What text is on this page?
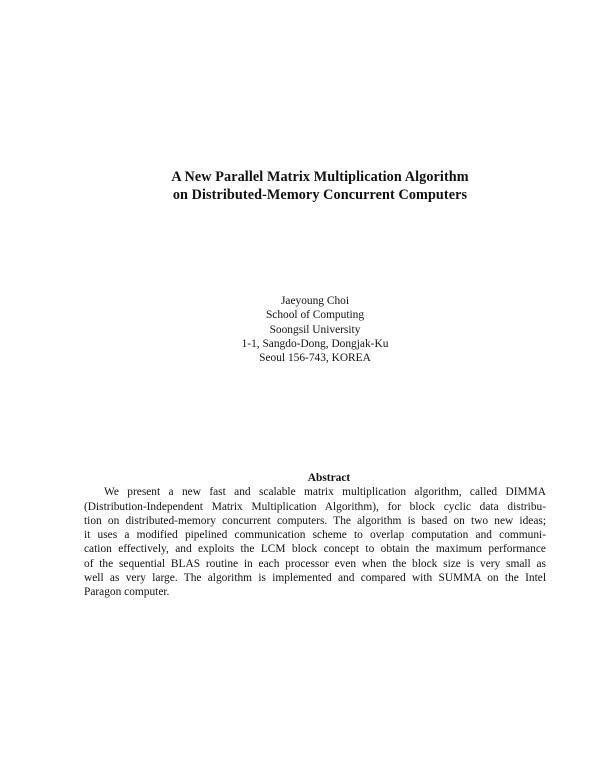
A New Parallel Matrix Multiplication Algorithm
on Distributed-Memory Concurrent Computers
Jaeyoung Choi
School of Computing
Soongsil University
1-1, Sangdo-Dong, Dongjak-Ku
Seoul 156-743, KOREA
Abstract
We present a new fast and scalable matrix multiplication algorithm, called DIMMA
(Distribution-Independent Matrix Multiplication Algorithm), for block cyclic data distribu-
tion on distributed-memory concurrent computers. The algorithm is based on two new ideas;
it uses a modified pipelined communication scheme to overlap computation and communi-
cation effectively, and exploits the LCM block concept to obtain the maximum performance
of the sequential BLAS routine in each processor even when the block size is very small as
well as very large. The algorithm is implemented and compared with SUMMA on the Intel
Paragon computer.
